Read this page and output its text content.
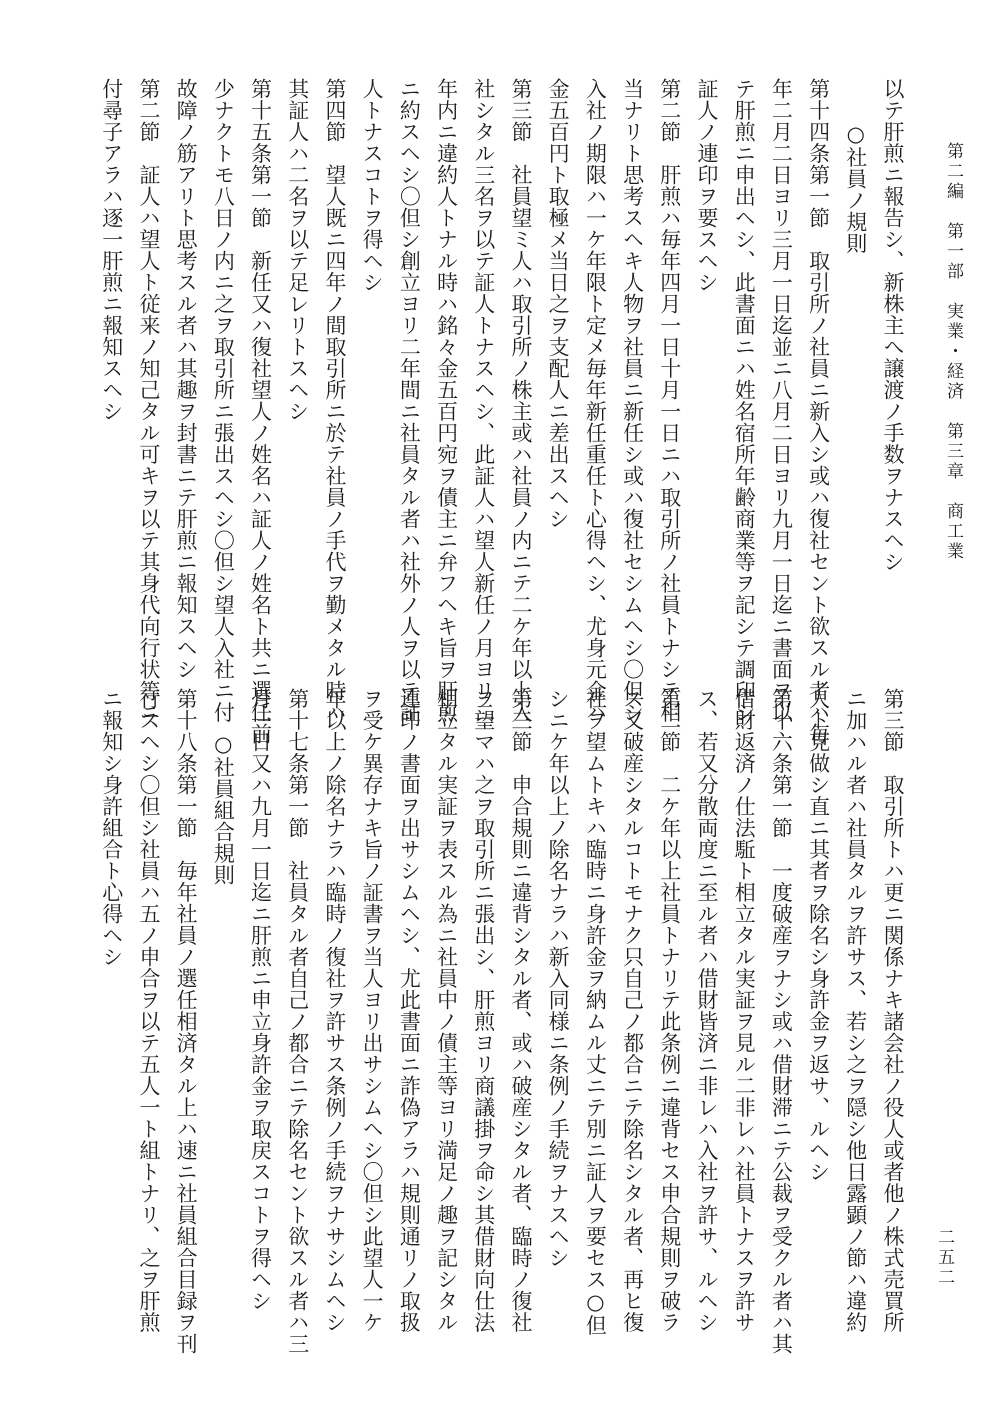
第二編　第一部　実業・経済　第三章　商工業
二五二
以テ肝煎ニ報告シ、新株主へ譲渡ノ手数ヲナスヘシ
○社員ノ規則
第十四条第一節　取引所ノ社員ニ新入シ或ハ復社セント欲スル者ハ毎
年二月二日ヨリ三月一日迄並ニ八月二日ヨリ九月一日迄ニ書面ヲ以
テ肝煎ニ申出ヘシ、此書面ニハ姓名宿所年齢商業等ヲ記シテ調印シ
証人ノ連印ヲ要スヘシ
第二節　肝煎ハ毎年四月一日十月一日ニハ取引所ノ社員トナシテ相
当ナリト思考スヘキ人物ヲ社員ニ新任シ或ハ復社セシムヘシ〇但シ
入社ノ期限ハ一ケ年限ト定メ毎年新任重任ト心得ヘシ、尤身元金ハ
金五百円ト取極メ当日之ヲ支配人ニ差出スヘシ
第三節　社員望ミ人ハ取引所ノ株主或ハ社員ノ内ニテ二ケ年以上入
社シタル三名ヲ以テ証人トナスヘシ、此証人ハ望人新任ノ月ヨリ二
年内ニ違約人トナル時ハ銘々金五百円宛ヲ債主ニ弁フヘキ旨ヲ肝煎
ニ約スヘシ〇但シ創立ヨリ二年間ニ社員タル者ハ社外ノ人ヲ以テ証
人トナスコトヲ得ヘシ
第四節　望人既ニ四年ノ間取引所ニ於テ社員ノ手代ヲ勤メタル時ハ
其証人ハ二名ヲ以テ足レリトスヘシ
第十五条第一節　新任又ハ復社望人ノ姓名ハ証人ノ姓名ト共ニ選任前
少ナクトモ八日ノ内ニ之ヲ取引所ニ張出スヘシ〇但シ望人入社ニ付
故障ノ筋アリト思考スル者ハ其趣ヲ封書ニテ肝煎ニ報知スヘシ
第二節　証人ハ望人ト従来ノ知己タル可キヲ以テ其身代向行状等ニ
付尋子アラハ逐一肝煎ニ報知スヘシ
第三節　取引所トハ更ニ関係ナキ諸会社ノ役人或者他ノ株式売買所
ニ加ハル者ハ社員タルヲ許サス、若シ之ヲ隠シ他日露顕ノ節ハ違約
人ト見做シ直ニ其者ヲ除名シ身許金ヲ返サ、ルヘシ
第十六条第一節　一度破産ヲナシ或ハ借財滞ニテ公裁ヲ受クル者ハ其
借財返済ノ仕法駈ト相立タル実証ヲ見ル二非レハ社員トナスヲ許サ
ス、若又分散両度ニ至ル者ハ借財皆済ニ非レハ入社ヲ許サ、ルヘシ
第二節　二ケ年以上社員トナリテ此条例ニ違背セス申合規則ヲ破ラ
ス又破産シタルコトモナク只自己ノ都合ニテ除名シタル者、再ヒ復
社ヲ望ムトキハ臨時ニ身許金ヲ納ムル丈ニテ別ニ証人ヲ要セス○但
シニケ年以上ノ除名ナラハ新入同様ニ条例ノ手続ヲナスヘシ
第三節　申合規則ニ違背シタル者、或ハ破産シタル者、臨時ノ復社
ヲ望マハ之ヲ取引所ニ張出シ、肝煎ヨリ商議掛ヲ命シ其借財向仕法
相立タル実証ヲ表スル為ニ社員中ノ債主等ヨリ満足ノ趣ヲ記シタル
連印ノ書面ヲ出サシムヘシ、尤此書面ニ詐偽アラハ規則通リノ取扱
ヲ受ケ異存ナキ旨ノ証書ヲ当人ヨリ出サシムヘシ〇但シ此望人一ケ
年以上ノ除名ナラハ臨時ノ復社ヲ許サス条例ノ手続ヲナサシムヘシ
第十七条第一節　社員タル者自己ノ都合ニテ除名セント欲スル者ハ三
月一日又ハ九月一日迄ニ肝煎ニ申立身許金ヲ取戻スコトヲ得ヘシ
○社員組合規則
第十八条第一節　毎年社員ノ選任相済タル上ハ速ニ社員組合目録ヲ刊
行スヘシ〇但シ社員ハ五ノ申合ヲ以テ五人一ト組トナリ、之ヲ肝煎
ニ報知シ身許組合ト心得ヘシ
